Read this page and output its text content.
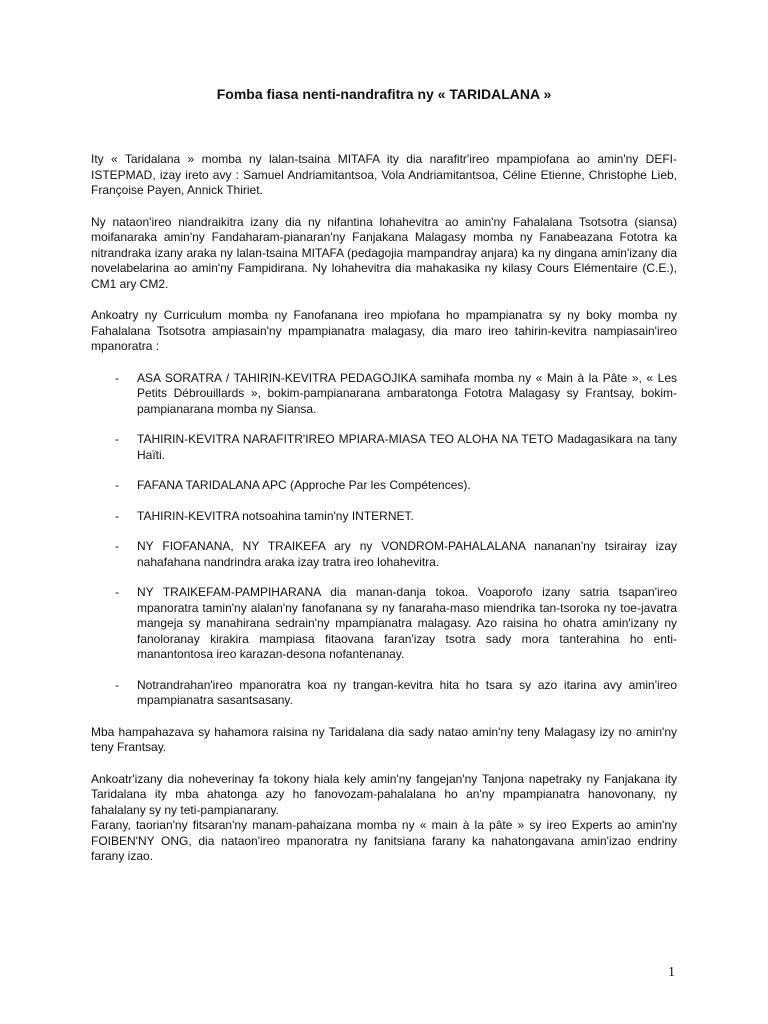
Fomba fiasa nenti-nandrafitra ny « TARIDALANA »

Ity « Taridalana » momba ny lalan-tsaina MITAFA ity dia narafitr'ireo mpampiofana ao amin'ny DEFI-ISTEPMAD, izay ireto avy : Samuel Andriamitantsoa, Vola Andriamitantsoa, Céline Etienne, Christophe Lieb, Françoise Payen, Annick Thiriet.

Ny nataon'ireo niandraikitra izany dia ny nifantina lohahevitra ao amin'ny Fahalalana Tsotsotra (siansa) moifanaraka amin'ny Fandaharam-pianaran'ny Fanjakana Malagasy momba ny Fanabeazana Fototra ka nitrandraka izany araka ny lalan-tsaina MITAFA (pedagojia mampandray anjara) ka ny dingana amin'izany dia novelabelarina ao amin'ny Fampidirana. Ny lohahevitra dia mahakasika ny kilasy Cours Elémentaire (C.E.), CM1 ary CM2.

Ankoatry ny Curriculum momba ny Fanofanana ireo mpiofana ho mpampianatra sy ny boky momba ny Fahalalana Tsotsotra ampiasain'ny mpampianatra malagasy, dia maro ireo tahirin-kevitra nampiasain'ireo mpanoratra :

- ASA SORATRA / TAHIRIN-KEVITRA PEDAGOJIKA samihafa momba ny « Main à la Pâte », « Les Petits Débrouillards », bokim-pampianarana ambaratonga Fototra Malagasy sy Frantsay, bokim-pampianarana momba ny Siansa.
- TAHIRIN-KEVITRA NARAFITR'IREO MPIARA-MIASA TEO ALOHA NA TETO Madagasikara na tany Haïti.
- FAFANA TARIDALANA APC (Approche Par les Compétences).
- TAHIRIN-KEVITRA notsoahina tamin'ny INTERNET.
- NY FIOFANANA, NY TRAIKEFA ary ny VONDROM-PAHALALANA nananan'ny tsirairay izay nahafahana nandrindra araka izay tratra ireo lohahevitra.
- NY TRAIKEFAM-PAMPIHARANA dia manan-danja tokoa. Voaporofo izany satria tsapan'ireo mpanoratra tamin'ny alalan'ny fanofanana sy ny fanaraha-maso miendrika tan-tsoroka ny toe-javatra mangeja sy manahirana sedrain'ny mpampianatra malagasy. Azo raisina ho ohatra amin'izany ny fanoloranay kirakira mampiasa fitaovana faran'izay tsotra sady mora tanterahina ho enti-manantontosa ireo karazan-desona nofantenanay.
- Notrandrahan'ireo mpanoratra koa ny trangan-kevitra hita ho tsara sy azo itarina avy amin'ireo mpampianatra sasantsasany.

Mba hampahazava sy hahamora raisina ny Taridalana dia sady natao amin'ny teny Malagasy izy no amin'ny teny Frantsay.

Ankoatr'izany dia noheverinay fa tokony hiala kely amin'ny fangejan'ny Tanjona napetraky ny Fanjakana ity Taridalana ity mba ahatonga azy ho fanovozam-pahalalana ho an'ny mpampianatra hanovonany, ny fahalalany sy ny teti-pampianarany.

Farany, taorian'ny fitsaran'ny manam-pahaizana momba ny « main à la pâte » sy ireo Experts ao amin'ny FOIBEN'NY ONG, dia nataon'ireo mpanoratra ny fanitsiana farany ka nahatongavana amin'izao endriny farany izao.

1
